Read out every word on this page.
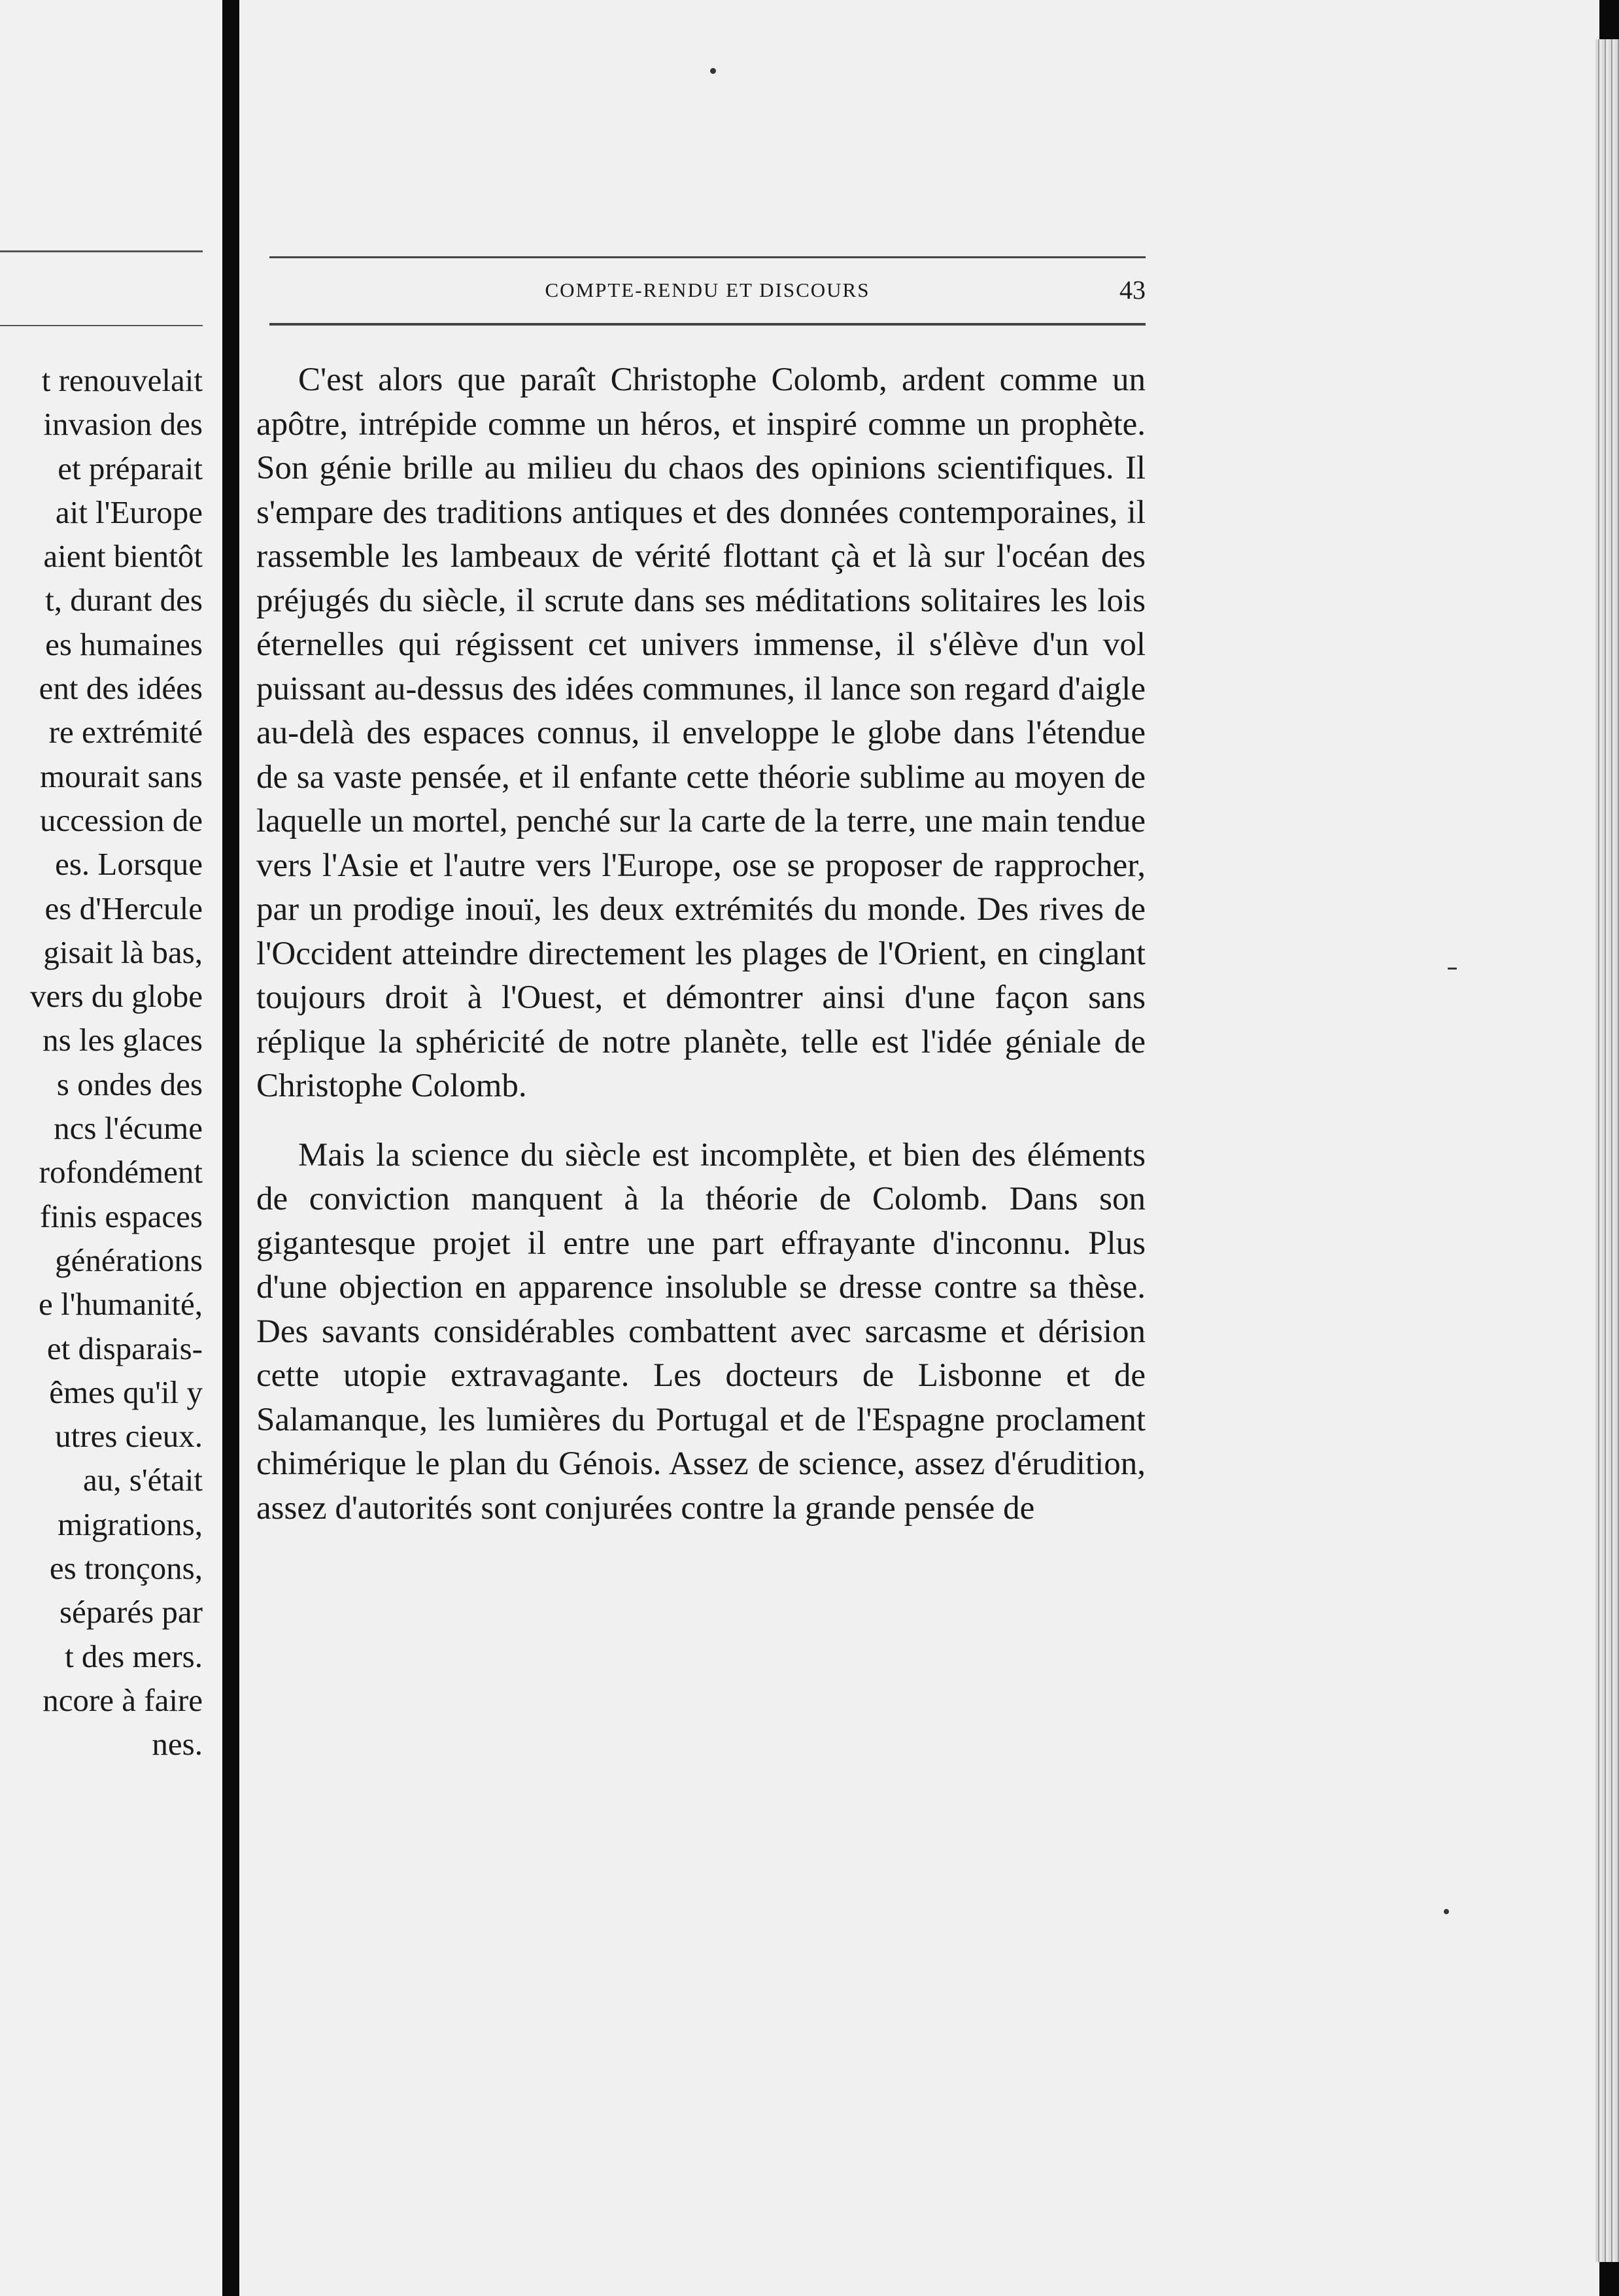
t renouvelait
invasion des
et préparait
ait l'Europe
aient bientôt
t, durant des
es humaines
ent des idées
re extrémité
mourait sans
uccession de
es. Lorsque
es d'Hercule
gisait là bas,
vers du globe
ns les glaces
s ondes des
ncs l'écume
rofondément
finis espaces
générations
e l'humanité,
et disparais-
êmes qu'il y
utres cieux.
au, s'était
migrations,
es tronçons,
séparés par
t des mers.
ncore à faire
nes.
COMPTE-RENDU ET DISCOURS	43

C'est alors que paraît Christophe Colomb, ardent comme un apôtre, intrépide comme un héros, et inspiré comme un prophète. Son génie brille au milieu du chaos des opinions scientifiques. Il s'empare des traditions antiques et des données contemporaines, il rassemble les lambeaux de vérité flottant çà et là sur l'océan des préjugés du siècle, il scrute dans ses méditations solitaires les lois éternelles qui régissent cet univers immense, il s'élève d'un vol puissant au-dessus des idées communes, il lance son regard d'aigle au-delà des espaces connus, il enveloppe le globe dans l'étendue de sa vaste pensée, et il enfante cette théorie sublime au moyen de laquelle un mortel, penché sur la carte de la terre, une main tendue vers l'Asie et l'autre vers l'Europe, ose se proposer de rapprocher, par un prodige inouï, les deux extrémités du monde. Des rives de l'Occident atteindre directement les plages de l'Orient, en cinglant toujours droit à l'Ouest, et démontrer ainsi d'une façon sans réplique la sphéricité de notre planète, telle est l'idée géniale de Christophe Colomb.

Mais la science du siècle est incomplète, et bien des éléments de conviction manquent à la théorie de Colomb. Dans son gigantesque projet il entre une part effrayante d'inconnu. Plus d'une objection en apparence insoluble se dresse contre sa thèse. Des savants considérables combattent avec sarcasme et dérision cette utopie extravagante. Les docteurs de Lisbonne et de Salamanque, les lumières du Portugal et de l'Espagne proclament chimérique le plan du Génois. Assez de science, assez d'érudition, assez d'autorités sont conjurées contre la grande pensée de
